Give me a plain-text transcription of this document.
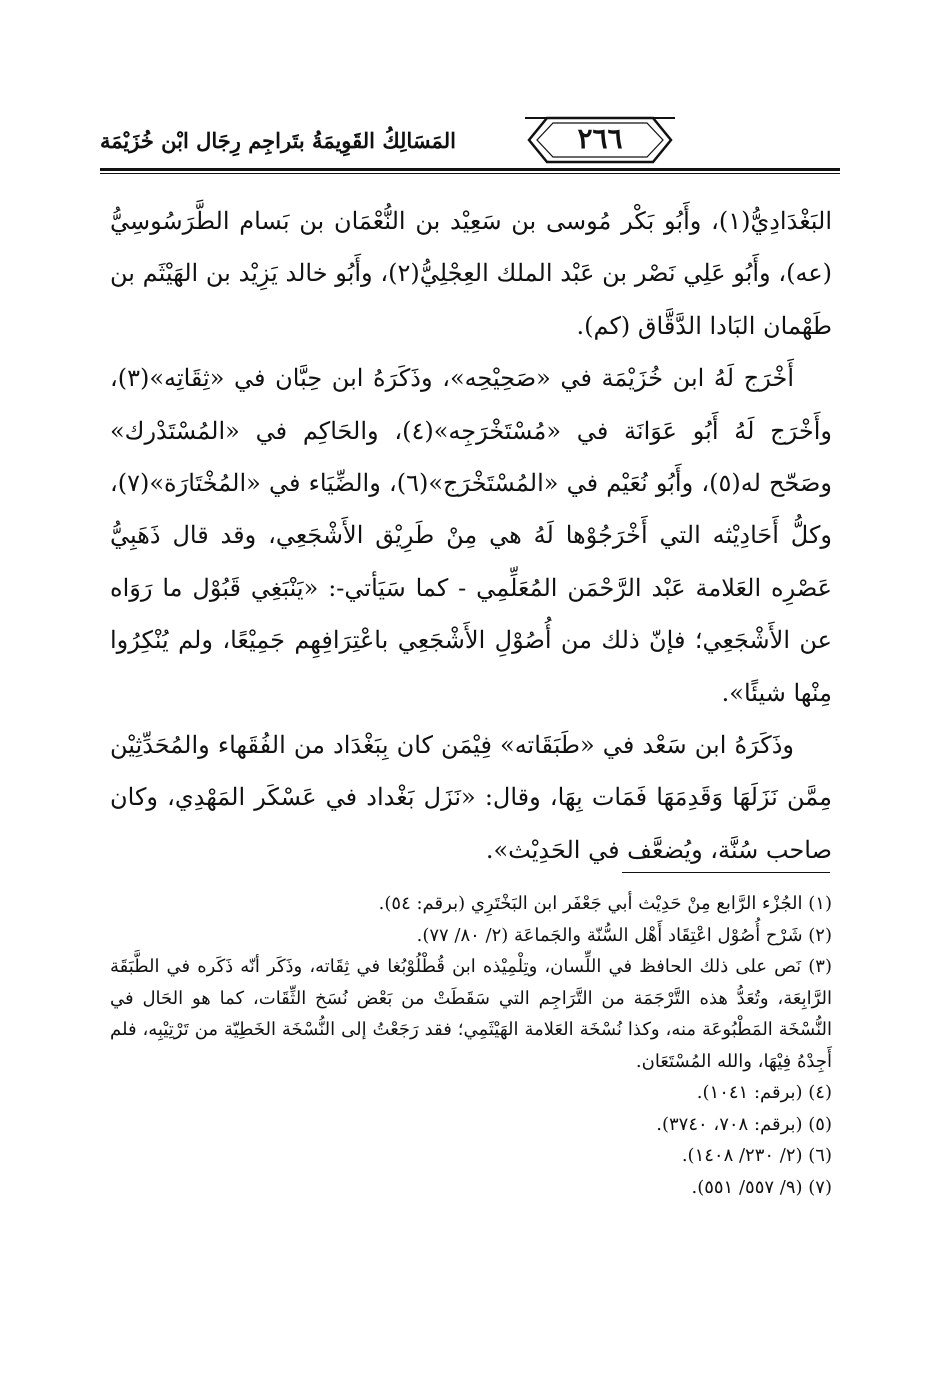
٢٦٦
المَسَالِكُ القَوِيمَةُ بتَراجِم رِجَال ابْن خُزَيْمَة

البَغْدَادِيُّ(١)، وأَبُو بَكْر مُوسى بن سَعِيْد بن النُّعْمَان بن بَسام الطَّرَسُوسِيُّ (عه)، وأَبُو عَلِي نَصْر بن عَبْد الملك العِجْلِيُّ(٢)، وأَبُو خالد يَزِيْد بن الهَيْثَم بن طَهْمان البَادا الدَّقَّاق (كم).

أَخْرَج لَهُ ابن خُزَيْمَة في «صَحِيْحِه»، وذَكَرَهُ ابن حِبَّان في «ثِقَاتِه»(٣)، وأَخْرَج لَهُ أَبُو عَوَانَة في «مُسْتَخْرَجِه»(٤)، والحَاكِم في «المُسْتَدْرك» وصَحّح له(٥)، وأَبُو نُعَيْم في «المُسْتَخْرَج»(٦)، والضِّيَاء في «المُخْتَارَة»(٧)، وكلُّ أَحَادِيْثه التي أَخْرَجُوْها لَهُ هي مِنْ طَرِيْق الأَشْجَعِي، وقد قال ذَهَبِيُّ عَصْرِه العَلامة عَبْد الرَّحْمَن المُعَلِّمِي - كما سَيَأتي-: «يَنْبَغِي قَبُوْل ما رَوَاه عن الأَشْجَعِي؛ فإنّ ذلك من أُصُوْلِ الأَشْجَعِي باعْتِرَافِهِم جَمِيْعًا، ولم يُنْكِرُوا مِنْها شيئًا».

وذَكَرَهُ ابن سَعْد في «طَبَقَاته» فِيْمَن كان بِبَغْدَاد من الفُقَهاء والمُحَدِّثِيْن مِمَّن نَزَلَهَا وَقَدِمَهَا فَمَات بِهَا، وقال: «نَزَل بَغْداد في عَسْكَر المَهْدِي، وكان صاحب سُنَّة، ويُضعَّف في الحَدِيْث».

(١) الجُزْء الرَّابع مِنْ حَدِيْث أبي جَعْفَر ابن البَخْتَرِي (برقم: ٥٤).

(٢) شَرْح أُصُوْل اعْتِقَاد أَهْل السُّنّة والجَماعَة (٢/ ٨٠/ ٧٧).

(٣) نَص على ذلك الحافظ في اللِّسان، وتِلْمِيْذه ابن قُطْلُوْبُغا في ثِقَاته، وذَكَر أنّه ذَكَره في الطَّبَقَة الرَّابِعَة، وتُعَدُّ هذه التَّرْجَمَة من التَّرَاجِم التي سَقَطَتْ من بَعْض نُسَخ الثِّقَات، كما هو الحَال في النُّسْخَة المَطْبُوعَة منه، وكذا نُسْخَة العَلامة الهَيْثَمِي؛ فقد رَجَعْتُ إلى النُّسْخَة الخَطِيّة من تَرْتِيْبِه، فلم أَجِدْهُ فِيْهَا، والله المُسْتَعَان.

(٤) (برقم: ١٠٤١).

(٥) (برقم: ٧٠٨، ٣٧٤٠).

(٦) (٢/ ٢٣٠/ ١٤٠٨).

(٧) (٩/ ٥٥٧/ ٥٥١).
